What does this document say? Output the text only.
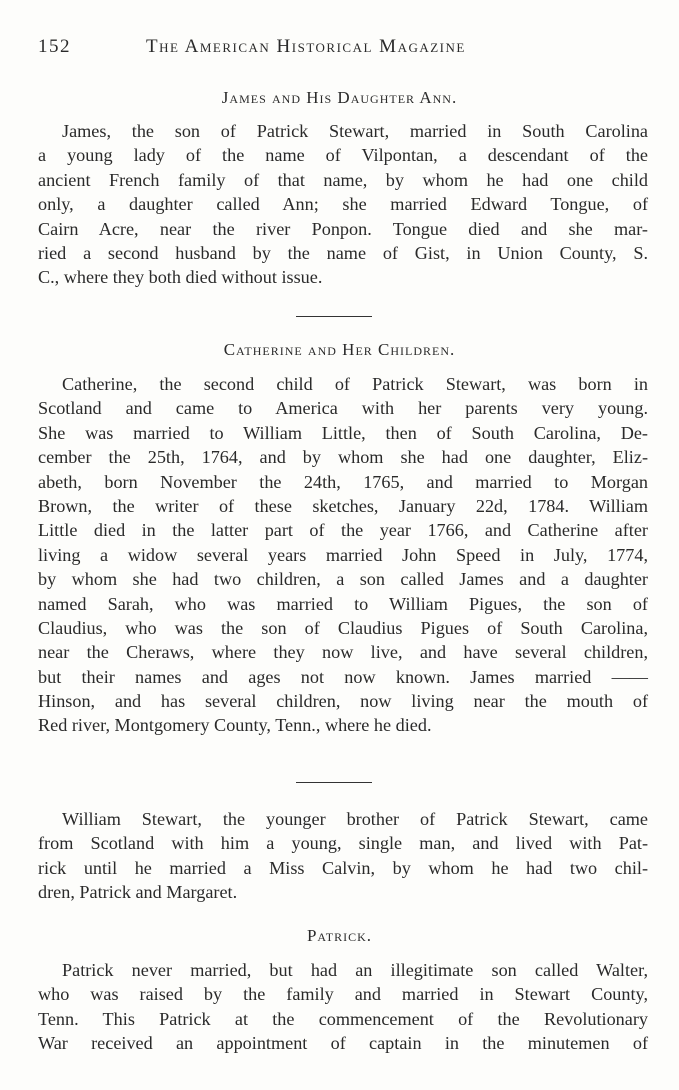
152	The American Historical Magazine
James and His Daughter Ann.
James, the son of Patrick Stewart, married in South Carolina
a young lady of the name of Vilpontan, a descendant of the
ancient French family of that name, by whom he had one child
only, a daughter called Ann; she married Edward Tongue, of
Cairn Acre, near the river Ponpon. Tongue died and she mar-
ried a second husband by the name of Gist, in Union County, S.
C., where they both died without issue.
Catherine and Her Children.
Catherine, the second child of Patrick Stewart, was born in
Scotland and came to America with her parents very young.
She was married to William Little, then of South Carolina, De-
cember the 25th, 1764, and by whom she had one daughter, Eliz-
abeth, born November the 24th, 1765, and married to Morgan
Brown, the writer of these sketches, January 22d, 1784. William
Little died in the latter part of the year 1766, and Catherine after
living a widow several years married John Speed in July, 1774,
by whom she had two children, a son called James and a daughter
named Sarah, who was married to William Pigues, the son of
Claudius, who was the son of Claudius Pigues of South Carolina,
near the Cheraws, where they now live, and have several children,
but their names and ages not now known. James married ——
Hinson, and has several children, now living near the mouth of
Red river, Montgomery County, Tenn., where he died.
William Stewart, the younger brother of Patrick Stewart, came
from Scotland with him a young, single man, and lived with Pat-
rick until he married a Miss Calvin, by whom he had two chil-
dren, Patrick and Margaret.
Patrick.
Patrick never married, but had an illegitimate son called Walter,
who was raised by the family and married in Stewart County,
Tenn. This Patrick at the commencement of the Revolutionary
War received an appointment of captain in the minutemen of
